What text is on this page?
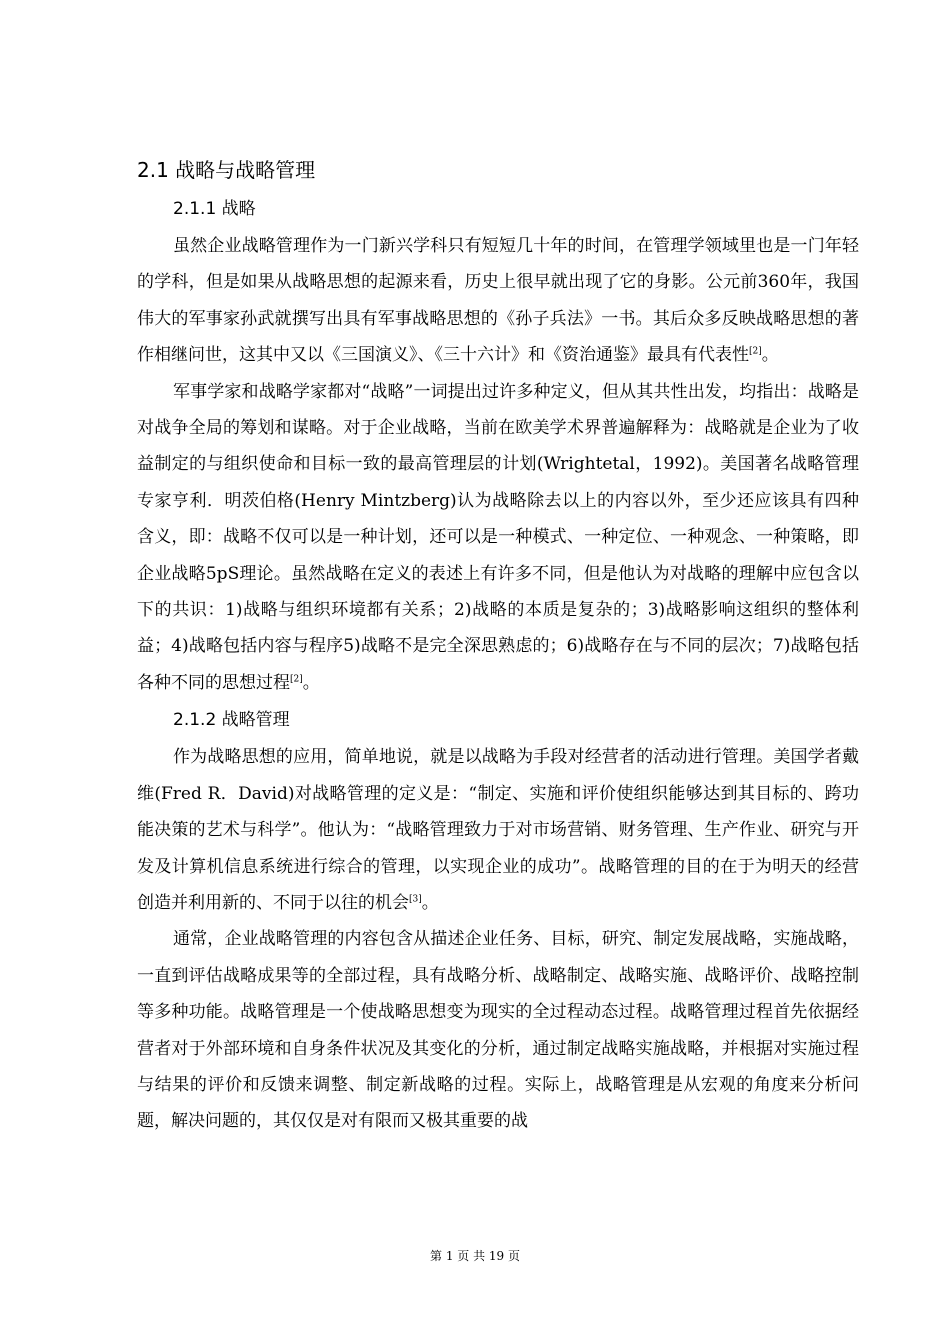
2.1 战略与战略管理
2.1.1 战略

虽然企业战略管理作为一门新兴学科只有短短几十年的时间，在管理学领域里也是一门年轻的学科，但是如果从战略思想的起源来看，历史上很早就出现了它的身影。公元前360年，我国伟大的军事家孙武就撰写出具有军事战略思想的《孙子兵法》一书。其后众多反映战略思想的著作相继问世，这其中又以《三国演义》、《三十六计》和《资治通鉴》最具有代表性[2]。

军事学家和战略学家都对“战略”一词提出过许多种定义，但从其共性出发，均指出：战略是对战争全局的筹划和谋略。对于企业战略，当前在欧美学术界普遍解释为：战略就是企业为了收益制定的与组织使命和目标一致的最高管理层的计划(Wrightetal，1992)。美国著名战略管理专家亨利．明茨伯格(Henry Mintzberg)认为战略除去以上的内容以外，至少还应该具有四种含义，即：战略不仅可以是一种计划，还可以是一种模式、一种定位、一种观念、一种策略，即企业战略5pS理论。虽然战略在定义的表述上有许多不同，但是他认为对战略的理解中应包含以下的共识：1)战略与组织环境都有关系；2)战略的本质是复杂的；3)战略影响这组织的整体利益；4)战略包括内容与程序5)战略不是完全深思熟虑的；6)战略存在与不同的层次；7)战略包括各种不同的思想过程[2]。

2.1.2 战略管理

作为战略思想的应用，简单地说，就是以战略为手段对经营者的活动进行管理。美国学者戴维(Fred R．David)对战略管理的定义是：“制定、实施和评价使组织能够达到其目标的、跨功能决策的艺术与科学”。他认为：“战略管理致力于对市场营销、财务管理、生产作业、研究与开发及计算机信息系统进行综合的管理，以实现企业的成功”。战略管理的目的在于为明天的经营创造并利用新的、不同于以往的机会[3]。

通常，企业战略管理的内容包含从描述企业任务、目标，研究、制定发展战略，实施战略，一直到评估战略成果等的全部过程，具有战略分析、战略制定、战略实施、战略评价、战略控制等多种功能。战略管理是一个使战略思想变为现实的全过程动态过程。战略管理过程首先依据经营者对于外部环境和自身条件状况及其变化的分析，通过制定战略实施战略，并根据对实施过程与结果的评价和反馈来调整、制定新战略的过程。实际上，战略管理是从宏观的角度来分析问题，解决问题的，其仅仅是对有限而又极其重要的战

第 1 页 共 19 页
